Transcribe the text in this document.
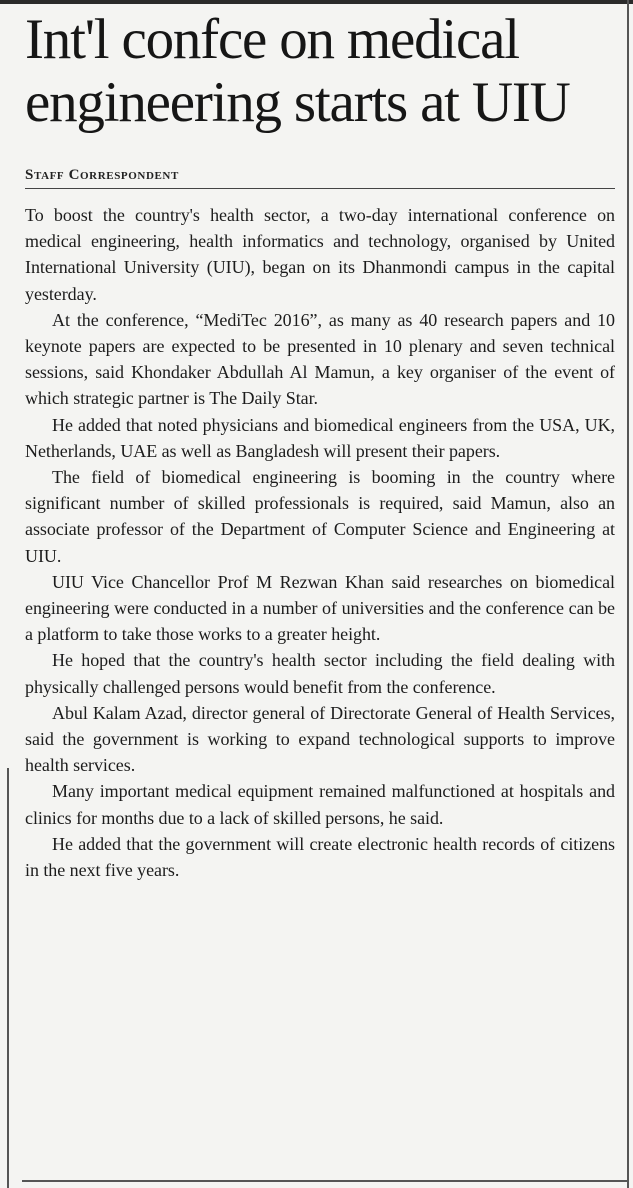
Int'l confce on medical engineering starts at UIU
Staff Correspondent

To boost the country's health sector, a two-day international conference on medical engineering, health informatics and technology, organised by United International University (UIU), began on its Dhanmondi campus in the capital yesterday.

At the conference, “MediTec 2016”, as many as 40 research papers and 10 keynote papers are expected to be presented in 10 plenary and seven technical sessions, said Khondaker Abdullah Al Mamun, a key organiser of the event of which strategic partner is The Daily Star.

He added that noted physicians and biomedical engineers from the USA, UK, Netherlands, UAE as well as Bangladesh will present their papers.

The field of biomedical engineering is booming in the country where significant number of skilled professionals is required, said Mamun, also an associate professor of the Department of Computer Science and Engineering at UIU.

UIU Vice Chancellor Prof M Rezwan Khan said researches on biomedical engineering were conducted in a number of universities and the conference can be a platform to take those works to a greater height.

He hoped that the country's health sector including the field dealing with physically challenged persons would benefit from the conference.

Abul Kalam Azad, director general of Directorate General of Health Services, said the government is working to expand technological supports to improve health services.

Many important medical equipment remained malfunctioned at hospitals and clinics for months due to a lack of skilled persons, he said.

He added that the government will create electronic health records of citizens in the next five years.
